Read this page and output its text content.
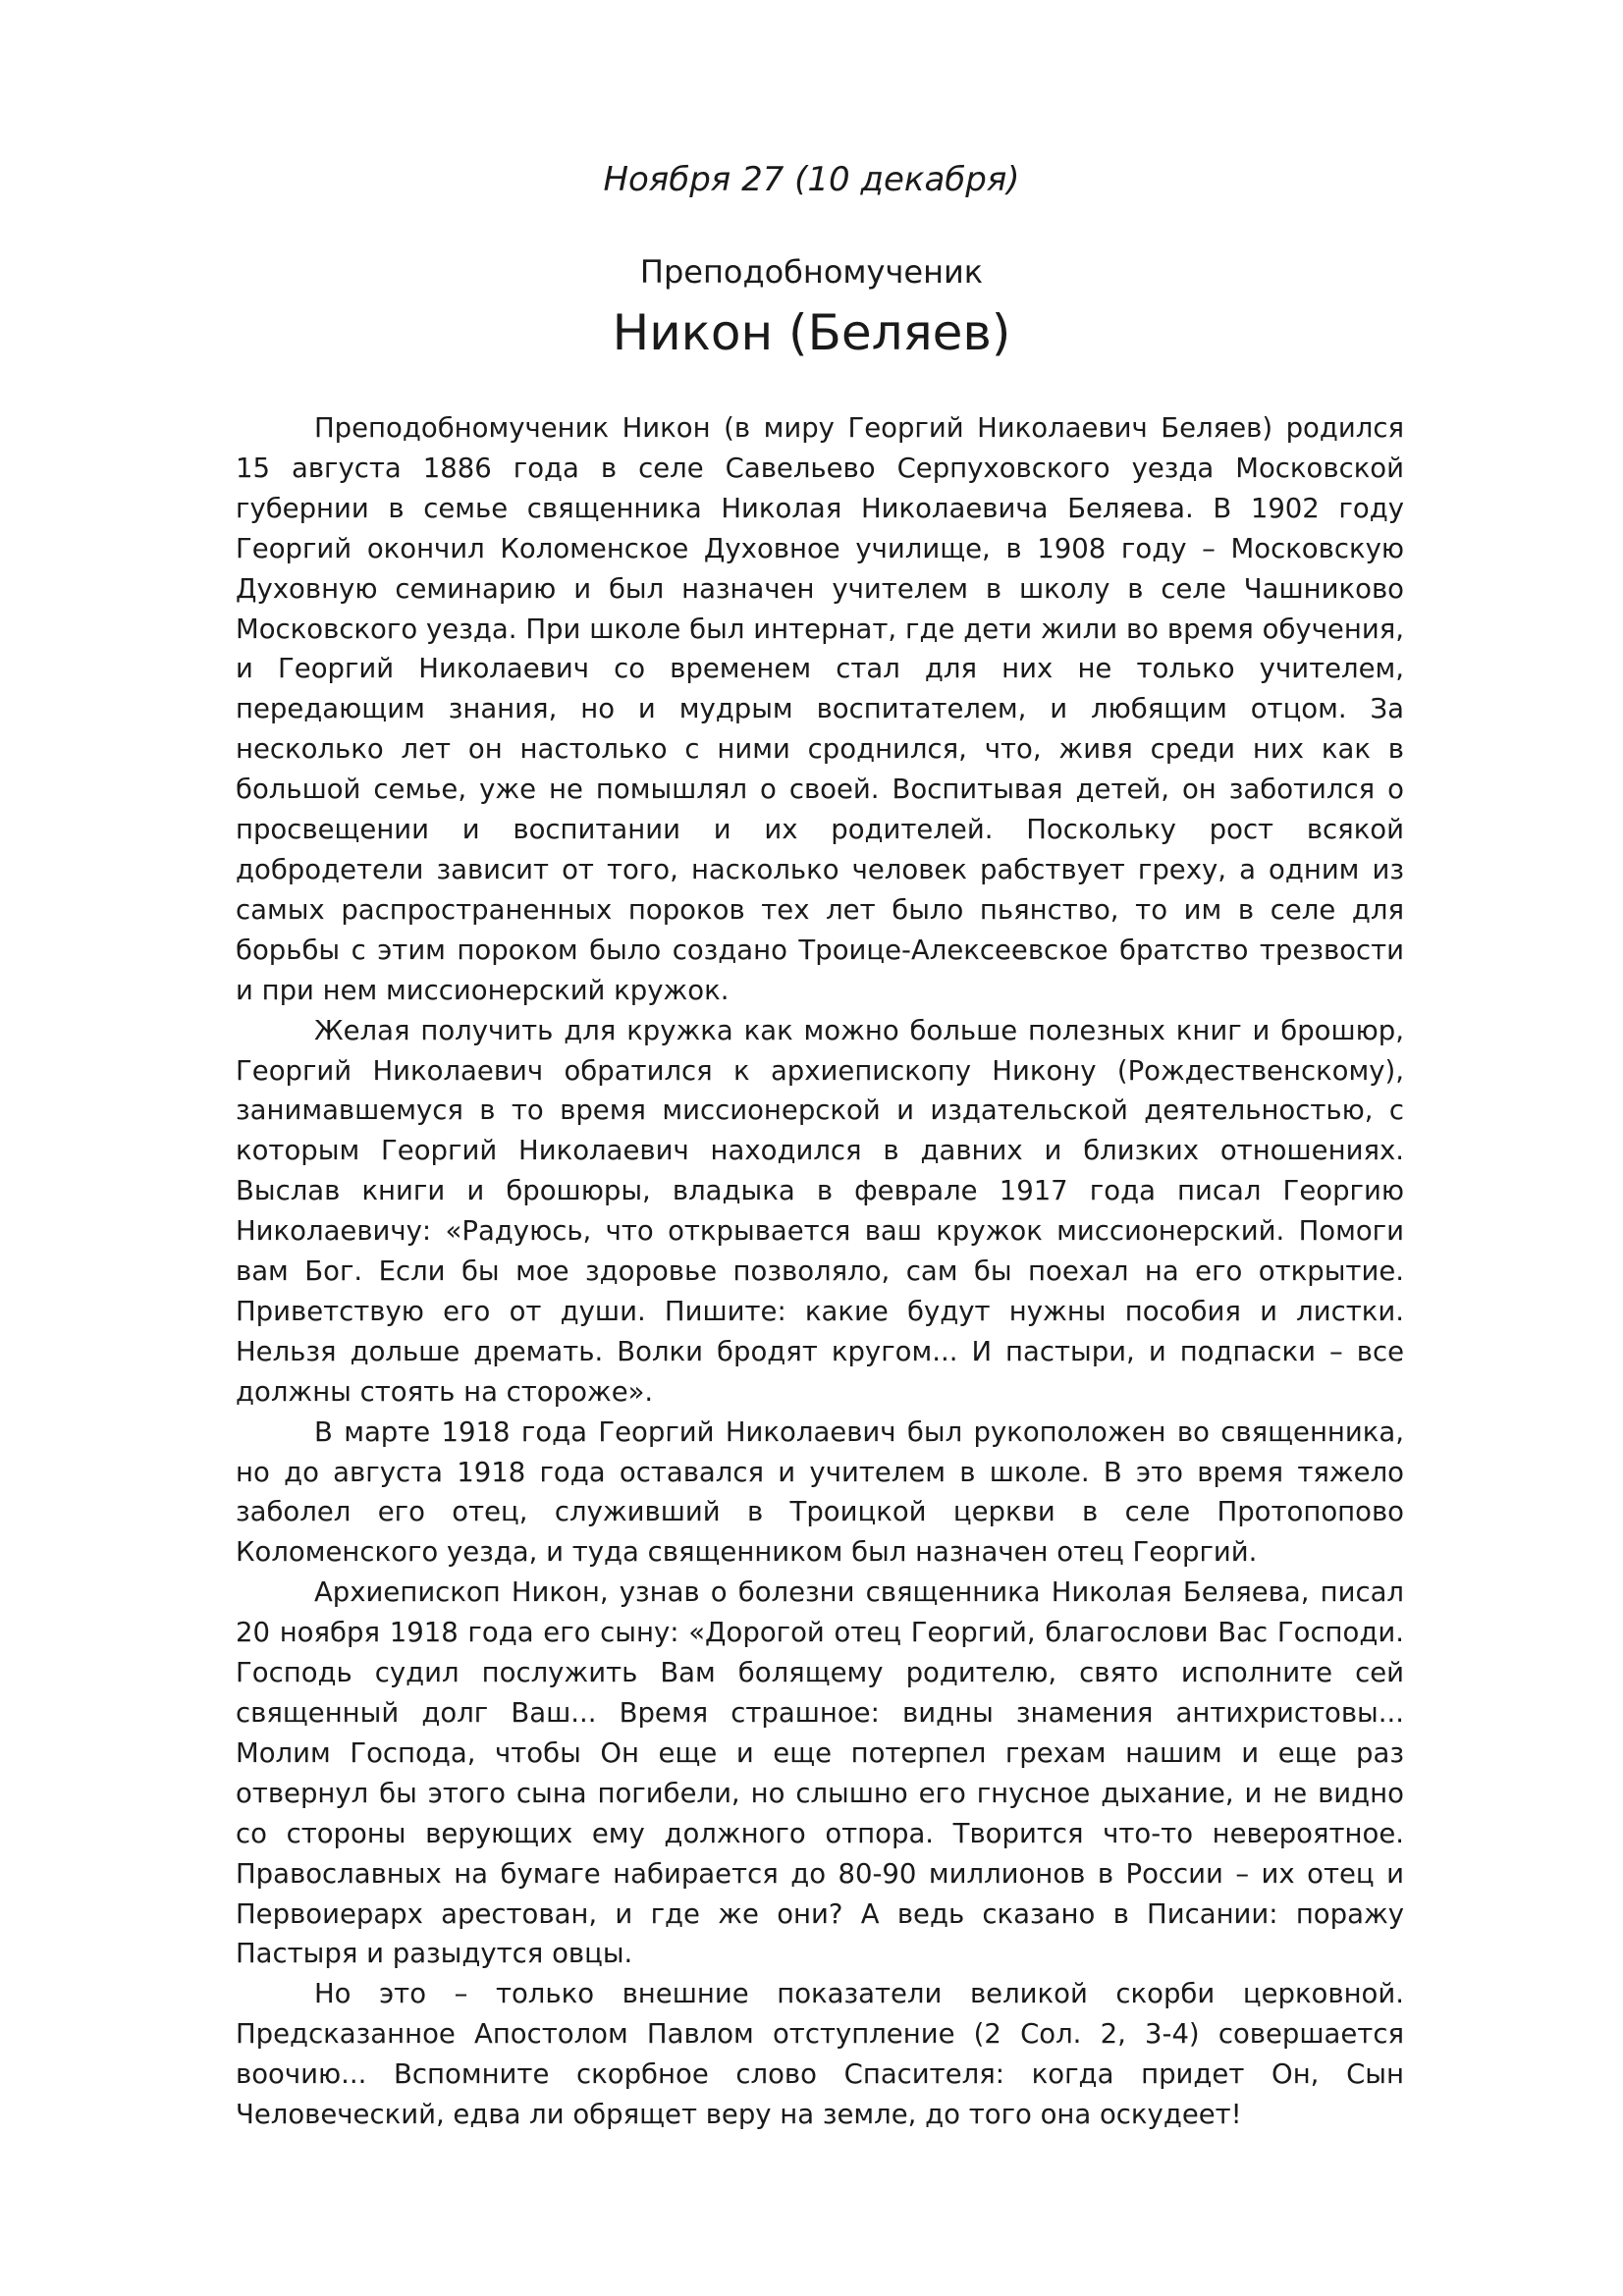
Ноября 27 (10 декабря)

Преподобномученик

Никон (Беляев)

Преподобномученик Никон (в миру Георгий Николаевич Беляев) родился 15 августа 1886 года в селе Савельево Серпуховского уезда Московской губернии в семье священника Николая Николаевича Беляева. В 1902 году Георгий окончил Коломенское Духовное училище, в 1908 году – Московскую Духовную семинарию и был назначен учителем в школу в селе Чашниково Московского уезда. При школе был интернат, где дети жили во время обучения, и Георгий Николаевич со временем стал для них не только учителем, передающим знания, но и мудрым воспитателем, и любящим отцом. За несколько лет он настолько с ними сроднился, что, живя среди них как в большой семье, уже не помышлял о своей. Воспитывая детей, он заботился о просвещении и воспитании и их родителей. Поскольку рост всякой добродетели зависит от того, насколько человек рабствует греху, а одним из самых распространенных пороков тех лет было пьянство, то им в селе для борьбы с этим пороком было создано Троице-Алексеевское братство трезвости и при нем миссионерский кружок.

Желая получить для кружка как можно больше полезных книг и брошюр, Георгий Николаевич обратился к архиепископу Никону (Рождественскому), занимавшемуся в то время миссионерской и издательской деятельностью, с которым Георгий Николаевич находился в давних и близких отношениях. Выслав книги и брошюры, владыка в феврале 1917 года писал Георгию Николаевичу: «Радуюсь, что открывается ваш кружок миссионерский. Помоги вам Бог. Если бы мое здоровье позволяло, сам бы поехал на его открытие. Приветствую его от души. Пишите: какие будут нужны пособия и листки. Нельзя дольше дремать. Волки бродят кругом... И пастыри, и подпаски – все должны стоять на стороже».

В марте 1918 года Георгий Николаевич был рукоположен во священника, но до августа 1918 года оставался и учителем в школе. В это время тяжело заболел его отец, служивший в Троицкой церкви в селе Протопопово Коломенского уезда, и туда священником был назначен отец Георгий.

Архиепископ Никон, узнав о болезни священника Николая Беляева, писал 20 ноября 1918 года его сыну: «Дорогой отец Георгий, благослови Вас Господи. Господь судил послужить Вам болящему родителю, свято исполните сей священный долг Ваш... Время страшное: видны знамения антихристовы... Молим Господа, чтобы Он еще и еще потерпел грехам нашим и еще раз отвернул бы этого сына погибели, но слышно его гнусное дыхание, и не видно со стороны верующих ему должного отпора. Творится что-то невероятное. Православных на бумаге набирается до 80-90 миллионов в России – их отец и Первоиерарх арестован, и где же они? А ведь сказано в Писании: поражу Пастыря и разыдутся овцы.

Но это – только внешние показатели великой скорби церковной. Предсказанное Апостолом Павлом отступление (2 Сол. 2, 3-4) совершается воочию... Вспомните скорбное слово Спасителя: когда придет Он, Сын Человеческий, едва ли обрящет веру на земле, до того она оскудеет!
